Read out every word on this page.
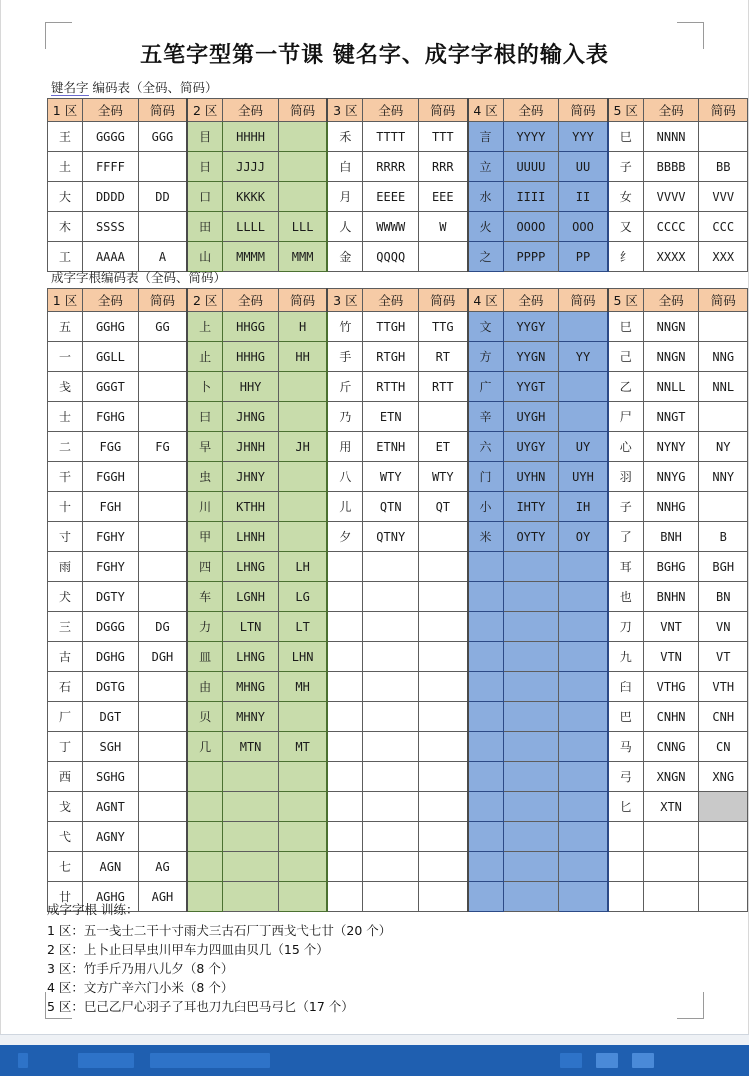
五笔字型第一节课 键名字、成字字根的输入表
键名字 编码表（全码、简码）
1 区	全码	简码	2 区	全码	简码	3 区	全码	简码	4 区	全码	简码	5 区	全码	简码
王	GGGG	GGG	目	HHHH		禾	TTTT	TTT	言	YYYY	YYY	巳	NNNN	
土	FFFF		日	JJJJ		白	RRRR	RRR	立	UUUU	UU	子	BBBB	BB
大	DDDD	DD	口	KKKK		月	EEEE	EEE	水	IIII	II	女	VVVV	VVV
木	SSSS		田	LLLL	LLL	人	WWWW	W	火	OOOO	OOO	又	CCCC	CCC
工	AAAA	A	山	MMMM	MMM	金	QQQQ		之	PPPP	PP	纟	XXXX	XXX
成字字根编码表（全码、简码）
1 区	全码	简码	2 区	全码	简码	3 区	全码	简码	4 区	全码	简码	5 区	全码	简码
五	GGHG	GG	上	HHGG	H	竹	TTGH	TTG	文	YYGY		巳	NNGN	
一	GGLL		止	HHHG	HH	手	RTGH	RT	方	YYGN	YY	己	NNGN	NNG
戋	GGGT		卜	HHY		斤	RTTH	RTT	广	YYGT		乙	NNLL	NNL
士	FGHG		曰	JHNG		乃	ETN		辛	UYGH		尸	NNGT	
二	FGG	FG	早	JHNH	JH	用	ETNH	ET	六	UYGY	UY	心	NYNY	NY
干	FGGH		虫	JHNY		八	WTY	WTY	门	UYHN	UYH	羽	NNYG	NNY
十	FGH		川	KTHH		儿	QTN	QT	小	IHTY	IH	子	NNHG	
寸	FGHY		甲	LHNH		夕	QTNY		米	OYTY	OY	了	BNH	B
雨	FGHY		四	LHNG	LH							耳	BGHG	BGH
犬	DGTY		车	LGNH	LG							也	BNHN	BN
三	DGGG	DG	力	LTN	LT							刀	VNT	VN
古	DGHG	DGH	皿	LHNG	LHN							九	VTN	VT
石	DGTG		由	MHNG	MH							臼	VTHG	VTH
厂	DGT		贝	MHNY								巴	CNHN	CNH
丁	SGH		几	MTN	MT							马	CNNG	CN
西	SGHG											弓	XNGN	XNG
戈	AGNT											匕	XTN	
弋	AGNY													
七	AGN	AG												
廿	AGHG	AGH												
成字字根 训练：
1 区：五一戋士二干十寸雨犬三古石厂丁西戈弋七廿（20 个）
2 区：上卜止曰早虫川甲车力四皿由贝几（15 个）
3 区：竹手斤乃用八儿夕（8 个）
4 区：文方广辛六门小米（8 个）
5 区：巳己乙尸心羽子了耳也刀九臼巴马弓匕（17 个）
